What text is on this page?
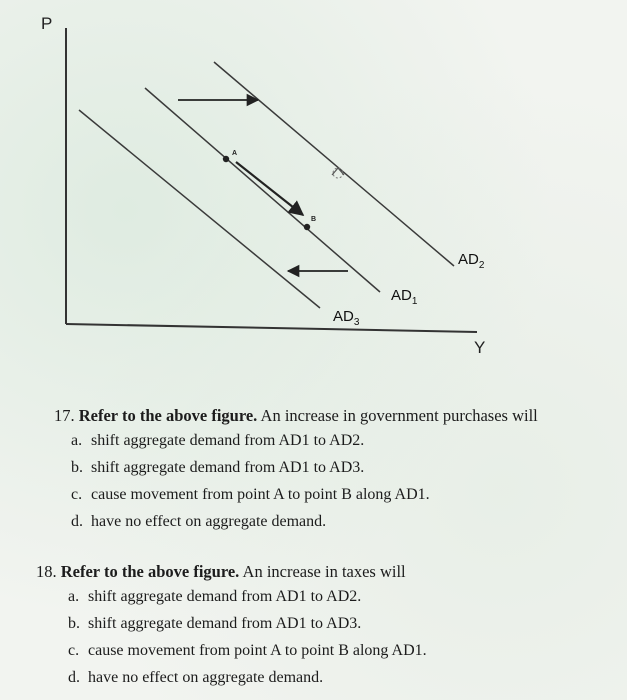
P
Y
$AD_2$
$AD_1$
$AD_3$
A
B
17. Refer to the above figure. An increase in government purchases will
a. shift aggregate demand from AD1 to AD2.
b. shift aggregate demand from AD1 to AD3.
c. cause movement from point A to point B along AD1.
d. have no effect on aggregate demand.
18. Refer to the above figure. An increase in taxes will
a. shift aggregate demand from AD1 to AD2.
b. shift aggregate demand from AD1 to AD3.
c. cause movement from point A to point B along AD1.
d. have no effect on aggregate demand.
